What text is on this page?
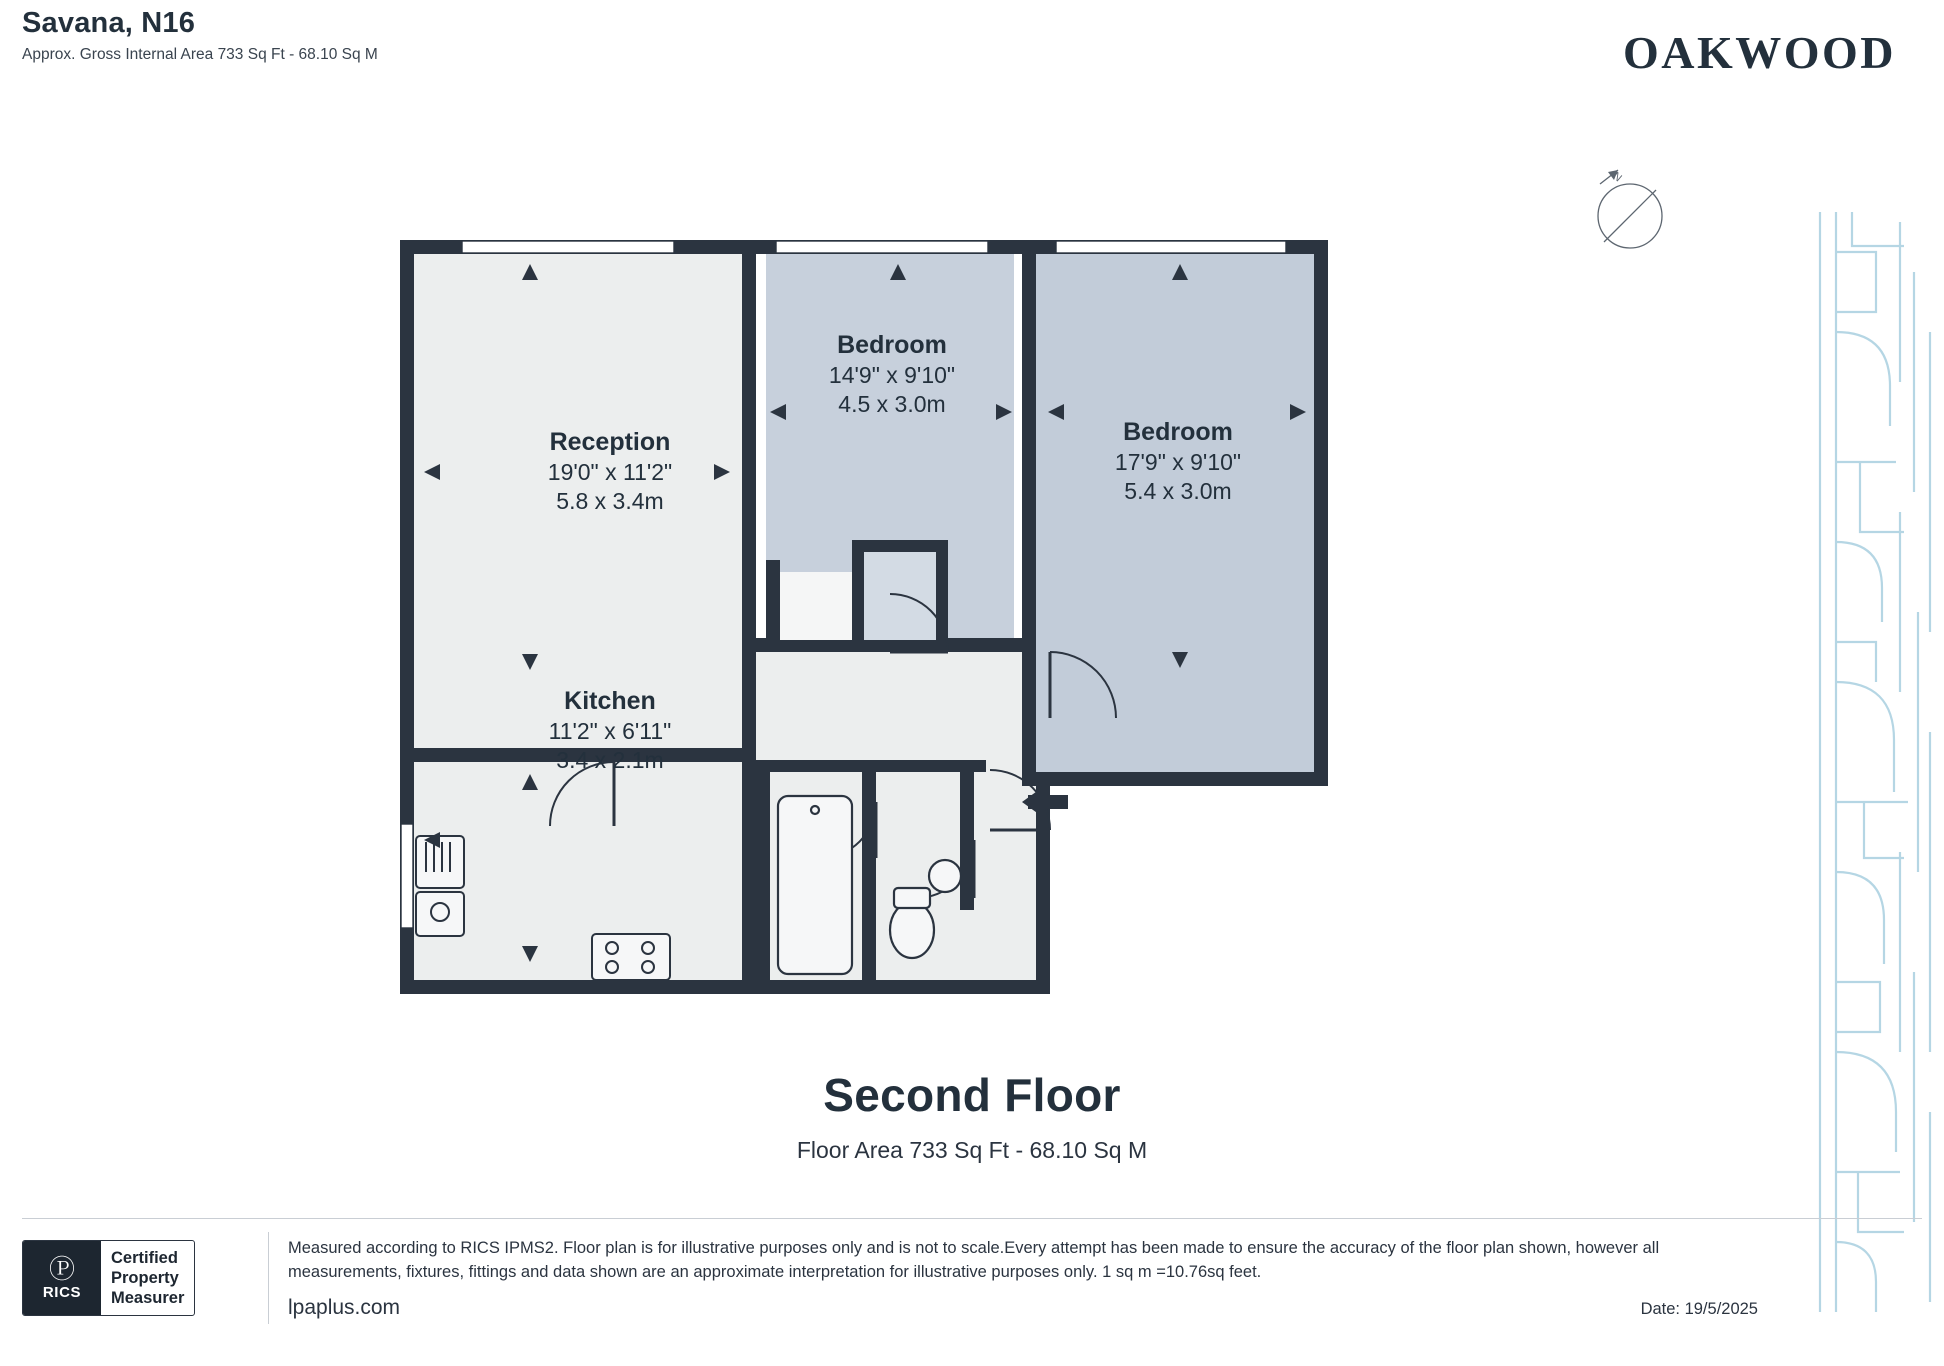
Savana, N16
Approx. Gross Internal Area 733 Sq Ft - 68.10 Sq M	OAKWOOD
N
Reception
19'0" x 11'2"
5.8 x 3.4m
Bedroom
14'9" x 9'10"
4.5 x 3.0m
Bedroom
17'9" x 9'10"
5.4 x 3.0m
Kitchen
11'2" x 6'11"
3.4 x 2.1m
Second Floor
Floor Area 733 Sq Ft - 68.10 Sq M
Ⓟ
RICS
Certified
Property
Measurer
Measured according to RICS IPMS2. Floor plan is for illustrative purposes only and is not to scale.Every attempt has been made to ensure the accuracy of the floor plan shown, however all measurements, fixtures, fittings and data shown are an approximate interpretation for illustrative purposes only. 1 sq m =10.76sq feet.
lpaplus.com	Date: 19/5/2025
